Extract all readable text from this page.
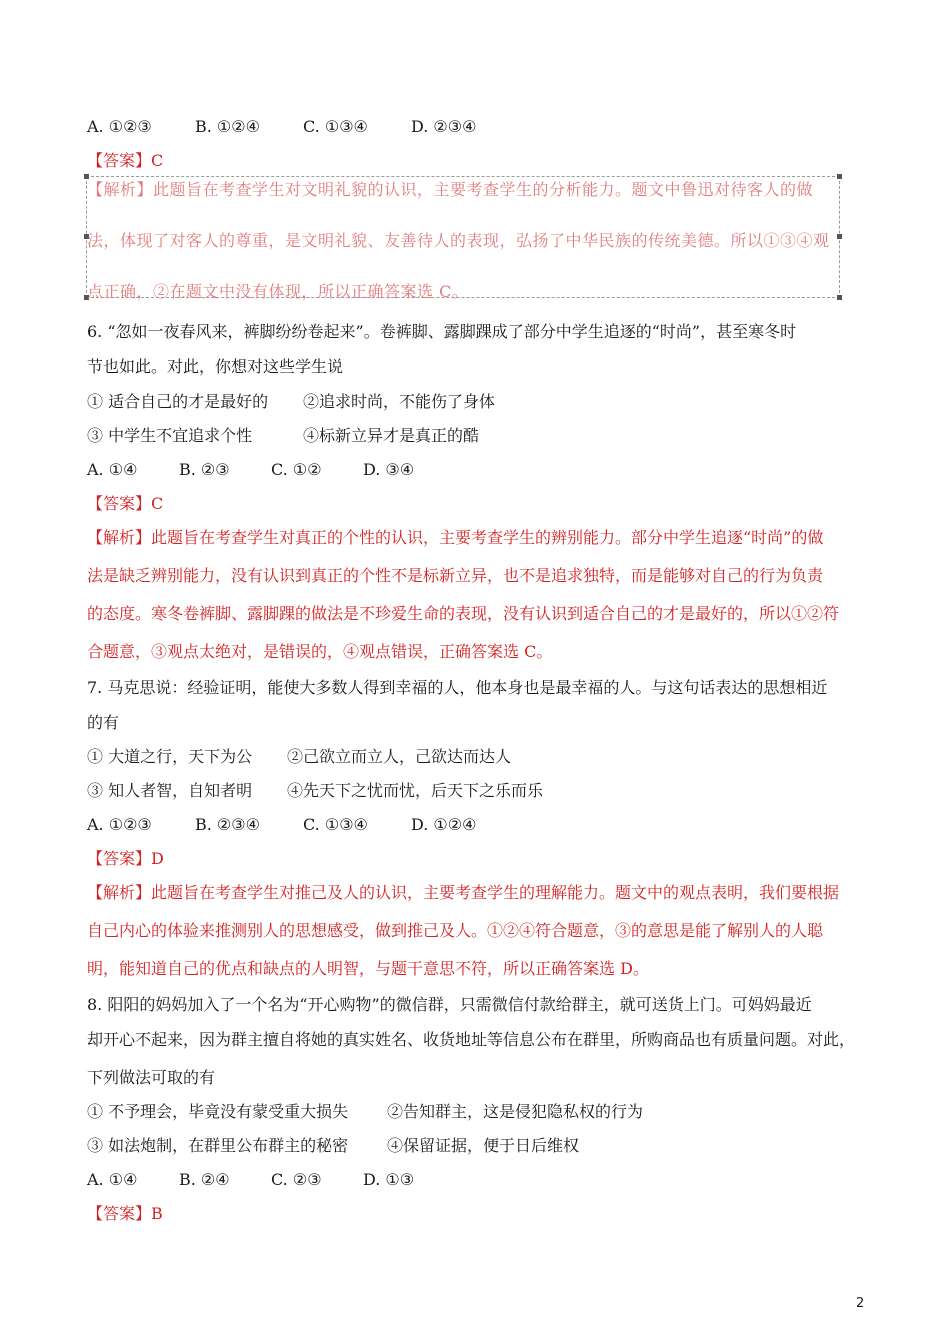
A. ①②③	B. ①②④	C. ①③④	D. ②③④
【答案】C
【解析】此题旨在考查学生对文明礼貌的认识，主要考查学生的分析能力。题文中鲁迅对待客人的做
法，体现了对客人的尊重，是文明礼貌、友善待人的表现，弘扬了中华民族的传统美德。所以①③④观
点正确，②在题文中没有体现，所以正确答案选 C。
6. “忽如一夜春风来，裤脚纷纷卷起来”。卷裤脚、露脚踝成了部分中学生追逐的“时尚”，甚至寒冬时
节也如此。对此，你想对这些学生说
① 适合自己的才是最好的 ②追求时尚，不能伤了身体
③ 中学生不宜追求个性	④标新立异才是真正的酷
A. ①④	B. ②③	C. ①②	D. ③④
【答案】C
【解析】此题旨在考查学生对真正的个性的认识，主要考查学生的辨别能力。部分中学生追逐“时尚”的做
法是缺乏辨别能力，没有认识到真正的个性不是标新立异，也不是追求独特，而是能够对自己的行为负责
的态度。寒冬卷裤脚、露脚踝的做法是不珍爱生命的表现，没有认识到适合自己的才是最好的，所以①②符
合题意，③观点太绝对，是错误的，④观点错误，正确答案选 C。
7. 马克思说：经验证明，能使大多数人得到幸福的人，他本身也是最幸福的人。与这句话表达的思想相近
的有
① 大道之行，天下为公 ②己欲立而立人，己欲达而达人
③ 知人者智，自知者明 ④先天下之忧而忧，后天下之乐而乐
A. ①②③	B. ②③④	C. ①③④	D. ①②④
【答案】D
【解析】此题旨在考查学生对推己及人的认识，主要考查学生的理解能力。题文中的观点表明，我们要根据
自己内心的体验来推测别人的思想感受，做到推己及人。①②④符合题意，③的意思是能了解别人的人聪
明，能知道自己的优点和缺点的人明智，与题干意思不符，所以正确答案选 D。
8. 阳阳的妈妈加入了一个名为“开心购物”的微信群，只需微信付款给群主，就可送货上门。可妈妈最近
却开心不起来，因为群主擅自将她的真实姓名、收货地址等信息公布在群里，所购商品也有质量问题。对此，
下列做法可取的有
① 不予理会，毕竟没有蒙受重大损失 ②告知群主，这是侵犯隐私权的行为
③ 如法炮制，在群里公布群主的秘密 ④保留证据，便于日后维权
A. ①④	B. ②④	C. ②③	D. ①③
【答案】B
2
